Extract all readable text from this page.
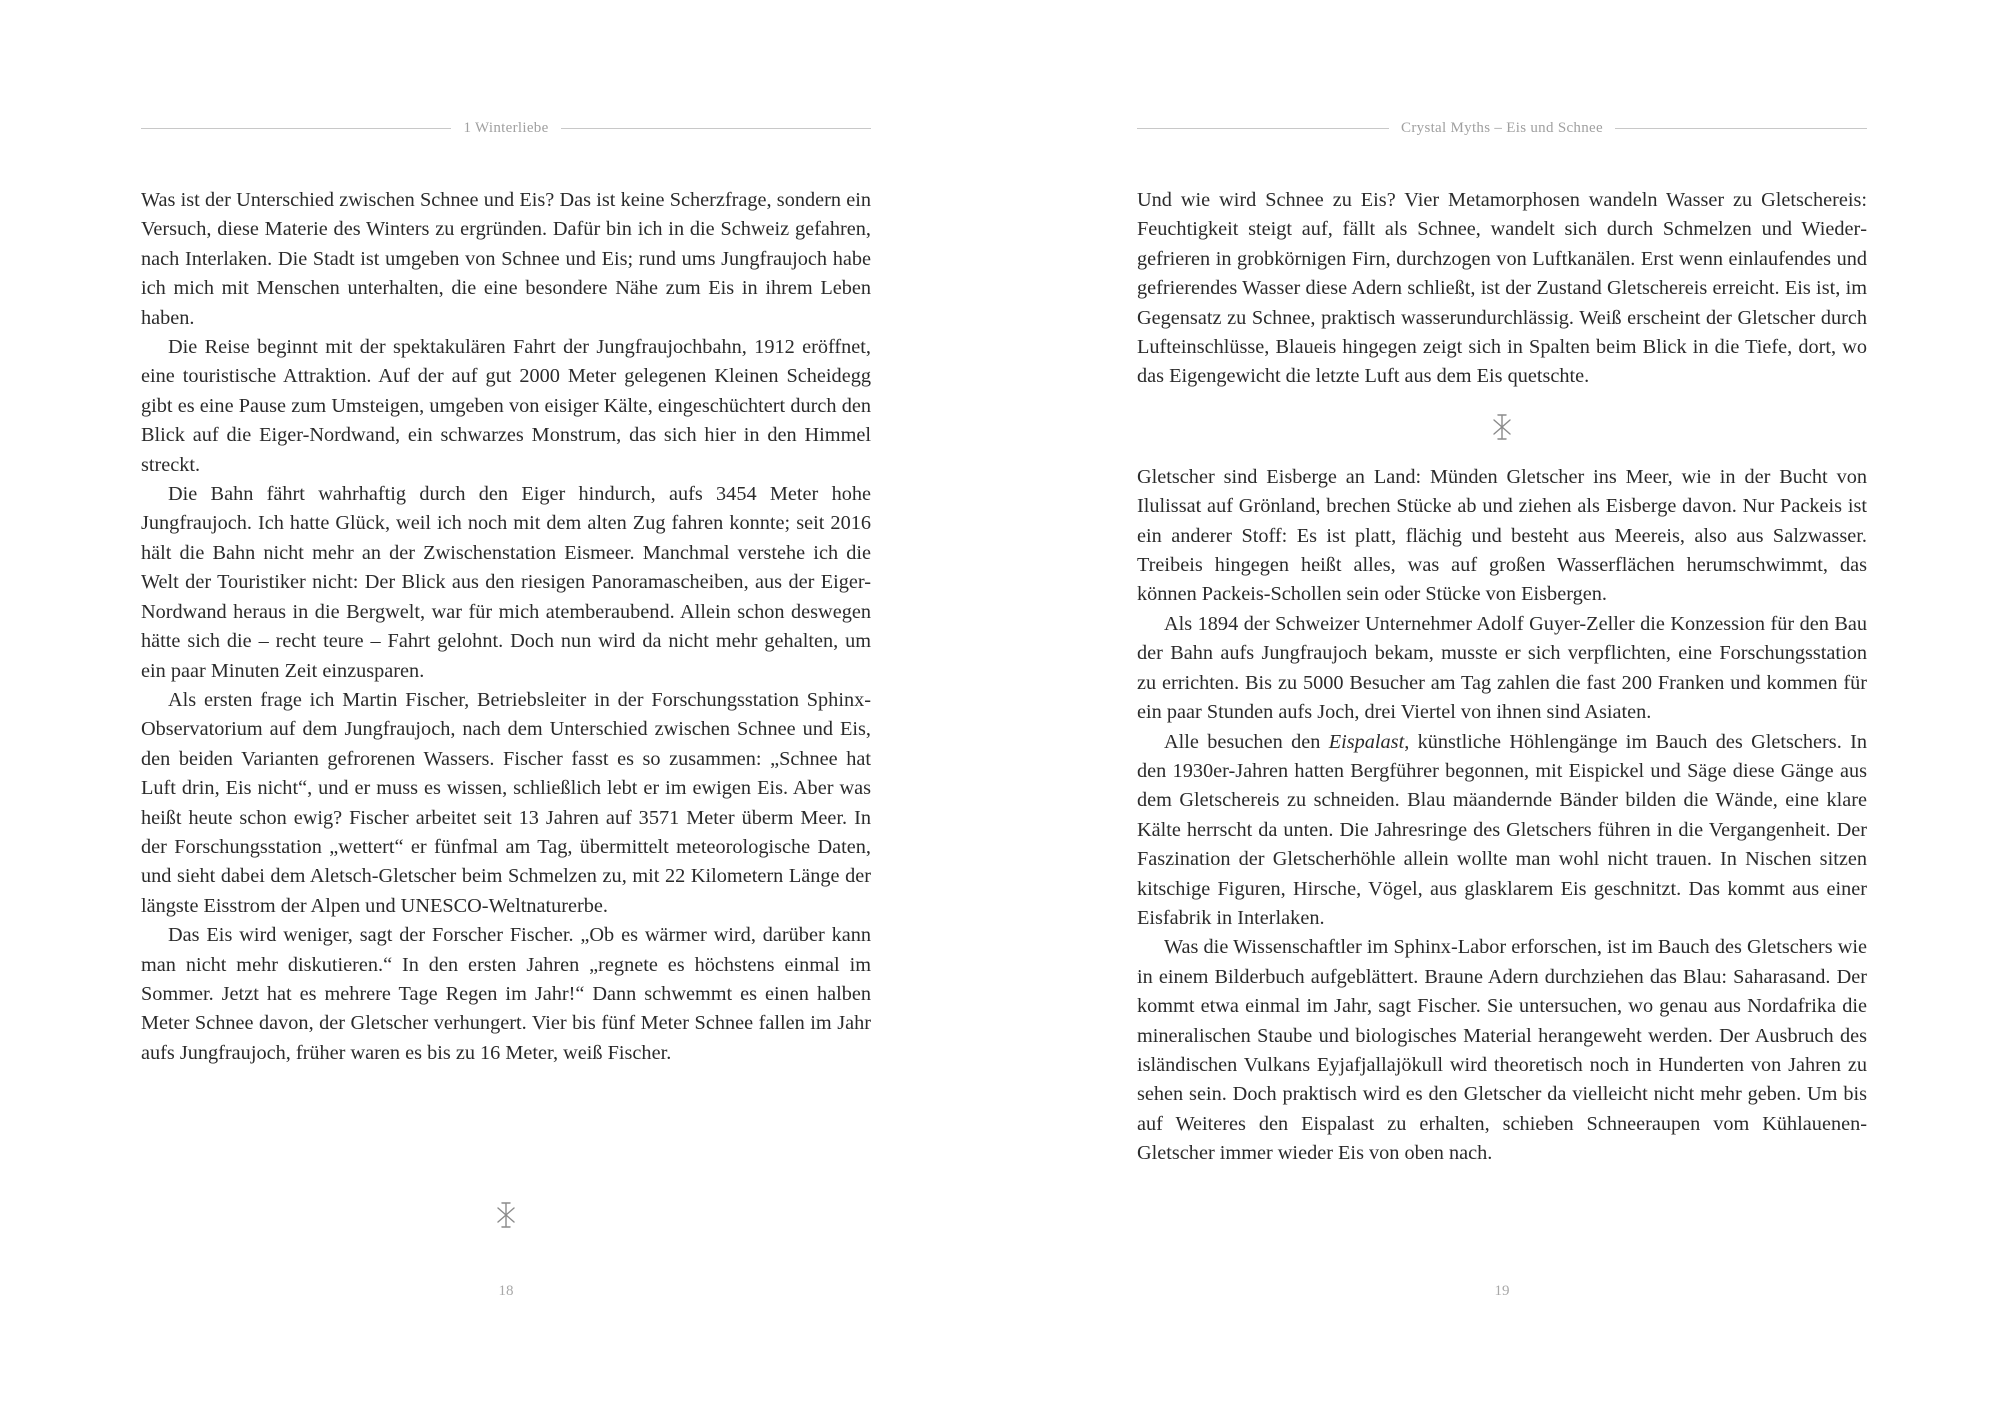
1 Winterliebe

Was ist der Unterschied zwischen Schnee und Eis? Das ist keine Scherzfrage, sondern ein Versuch, diese Materie des Winters zu ergründen. Dafür bin ich in die Schweiz gefahren, nach Interlaken. Die Stadt ist umgeben von Schnee und Eis; rund ums Jungfraujoch habe ich mich mit Menschen unterhalten, die eine besondere Nähe zum Eis in ihrem Leben haben.

Die Reise beginnt mit der spektakulären Fahrt der Jungfraujochbahn, 1912 eröffnet, eine touristische Attraktion. Auf der auf gut 2000 Meter gelegenen Kleinen Scheidegg gibt es eine Pause zum Umsteigen, umgeben von eisiger Kälte, eingeschüchtert durch den Blick auf die Eiger-Nordwand, ein schwarzes Monstrum, das sich hier in den Himmel streckt.

Die Bahn fährt wahrhaftig durch den Eiger hindurch, aufs 3454 Meter hohe Jungfraujoch. Ich hatte Glück, weil ich noch mit dem alten Zug fahren konnte; seit 2016 hält die Bahn nicht mehr an der Zwischenstation Eismeer. Manchmal verstehe ich die Welt der Touristiker nicht: Der Blick aus den riesigen Panoramascheiben, aus der Eiger-Nordwand heraus in die Bergwelt, war für mich atemberaubend. Allein schon deswegen hätte sich die – recht teure – Fahrt gelohnt. Doch nun wird da nicht mehr gehalten, um ein paar Minuten Zeit einzusparen.

Als ersten frage ich Martin Fischer, Betriebsleiter in der Forschungsstation Sphinx-Observatorium auf dem Jungfraujoch, nach dem Unterschied zwischen Schnee und Eis, den beiden Varianten gefrorenen Wassers. Fischer fasst es so zusammen: „Schnee hat Luft drin, Eis nicht“, und er muss es wissen, schließlich lebt er im ewigen Eis. Aber was heißt heute schon ewig? Fischer arbeitet seit 13 Jahren auf 3571 Meter überm Meer. In der Forschungsstation „wettert“ er fünfmal am Tag, übermittelt meteorologische Daten, und sieht dabei dem Aletsch-Gletscher beim Schmelzen zu, mit 22 Kilometern Länge der längste Eisstrom der Alpen und UNESCO-Weltnaturerbe.

Das Eis wird weniger, sagt der Forscher Fischer. „Ob es wärmer wird, darüber kann man nicht mehr diskutieren.“ In den ersten Jahren „regnete es höchstens einmal im Sommer. Jetzt hat es mehrere Tage Regen im Jahr!“ Dann schwemmt es einen halben Meter Schnee davon, der Gletscher verhungert. Vier bis fünf Meter Schnee fallen im Jahr aufs Jungfraujoch, früher waren es bis zu 16 Meter, weiß Fischer.

18
Crystal Myths – Eis und Schnee

Und wie wird Schnee zu Eis? Vier Metamorphosen wandeln Wasser zu Gletschereis: Feuchtigkeit steigt auf, fällt als Schnee, wandelt sich durch Schmelzen und Wiedergefrieren in grobkörnigen Firn, durchzogen von Luftkanälen. Erst wenn einlaufendes und gefrierendes Wasser diese Adern schließt, ist der Zustand Gletschereis erreicht. Eis ist, im Gegensatz zu Schnee, praktisch wasserundurchlässig. Weiß erscheint der Gletscher durch Lufteinschlüsse, Blaueis hingegen zeigt sich in Spalten beim Blick in die Tiefe, dort, wo das Eigengewicht die letzte Luft aus dem Eis quetschte.

Gletscher sind Eisberge an Land: Münden Gletscher ins Meer, wie in der Bucht von Ilulissat auf Grönland, brechen Stücke ab und ziehen als Eisberge davon. Nur Packeis ist ein anderer Stoff: Es ist platt, flächig und besteht aus Meereis, also aus Salzwasser. Treibeis hingegen heißt alles, was auf großen Wasserflächen herumschwimmt, das können Packeis-Schollen sein oder Stücke von Eisbergen.

Als 1894 der Schweizer Unternehmer Adolf Guyer-Zeller die Konzession für den Bau der Bahn aufs Jungfraujoch bekam, musste er sich verpflichten, eine Forschungsstation zu errichten. Bis zu 5000 Besucher am Tag zahlen die fast 200 Franken und kommen für ein paar Stunden aufs Joch, drei Viertel von ihnen sind Asiaten.

Alle besuchen den Eispalast, künstliche Höhlengänge im Bauch des Gletschers. In den 1930er-Jahren hatten Bergführer begonnen, mit Eispickel und Säge diese Gänge aus dem Gletschereis zu schneiden. Blau mäandernde Bänder bilden die Wände, eine klare Kälte herrscht da unten. Die Jahresringe des Gletschers führen in die Vergangenheit. Der Faszination der Gletscherhöhle allein wollte man wohl nicht trauen. In Nischen sitzen kitschige Figuren, Hirsche, Vögel, aus glasklarem Eis geschnitzt. Das kommt aus einer Eisfabrik in Interlaken.

Was die Wissenschaftler im Sphinx-Labor erforschen, ist im Bauch des Gletschers wie in einem Bilderbuch aufgeblättert. Braune Adern durchziehen das Blau: Saharasand. Der kommt etwa einmal im Jahr, sagt Fischer. Sie untersuchen, wo genau aus Nordafrika die mineralischen Staube und biologisches Material herangeweht werden. Der Ausbruch des isländischen Vulkans Eyjafjallajökull wird theoretisch noch in Hunderten von Jahren zu sehen sein. Doch praktisch wird es den Gletscher da vielleicht nicht mehr geben. Um bis auf Weiteres den Eispalast zu erhalten, schieben Schneeraupen vom Kühlauenen-Gletscher immer wieder Eis von oben nach.

19
